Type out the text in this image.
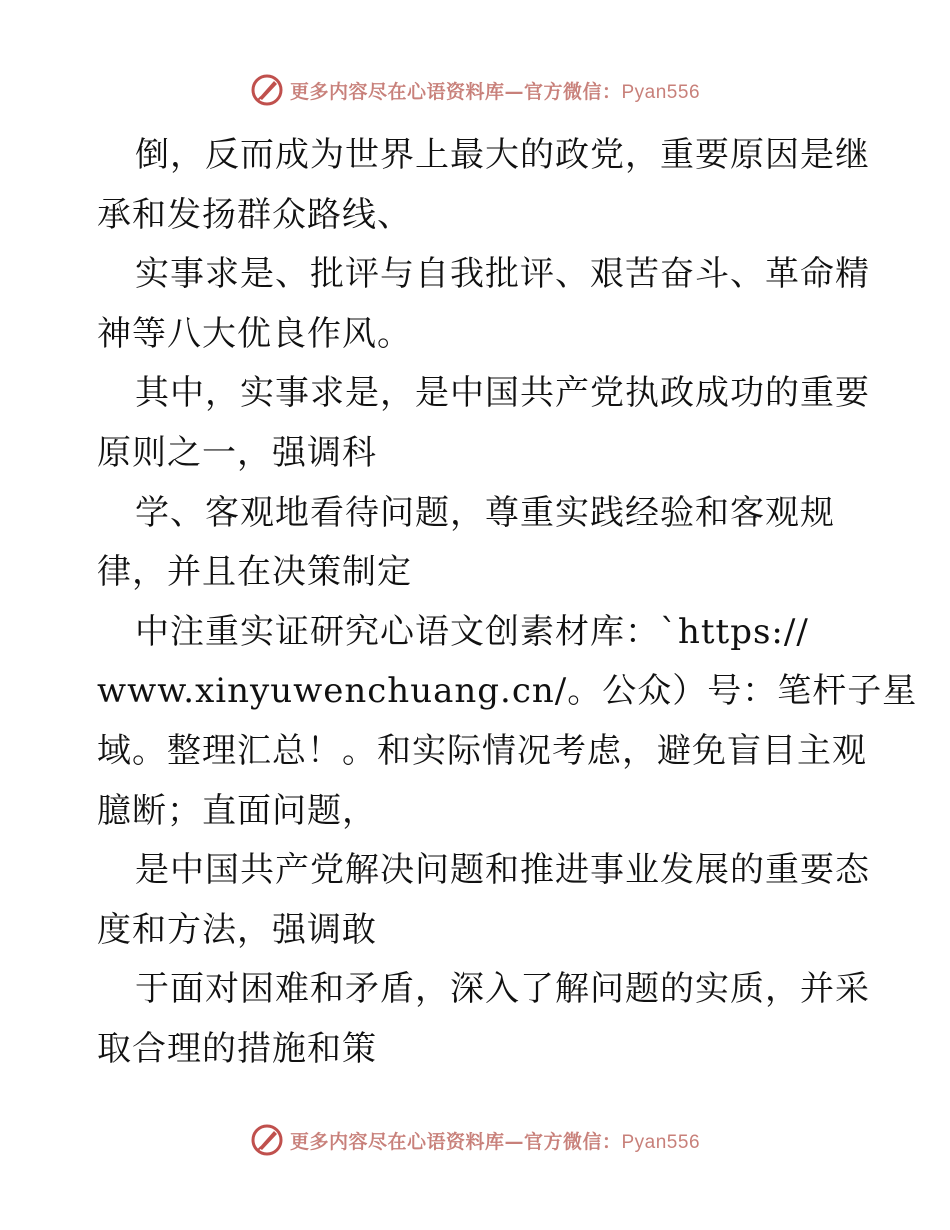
更多内容尽在心语资料库—官方微信：Pyan556
倒，反而成为世界上最大的政党，重要原因是继
承和发扬群众路线、
实事求是、批评与自我批评、艰苦奋斗、革命精
神等八大优良作风。
其中，实事求是，是中国共产党执政成功的重要
原则之一，强调科
学、客观地看待问题，尊重实践经验和客观规
律，并且在决策制定
中注重实证研究心语文创素材库：`https://
www.xinyuwenchuang.cn/。公众）号：笔杆子星
域。整理汇总！。和实际情况考虑，避免盲目主观
臆断；直面问题，
是中国共产党解决问题和推进事业发展的重要态
度和方法，强调敢
于面对困难和矛盾，深入了解问题的实质，并采
取合理的措施和策
更多内容尽在心语资料库—官方微信：Pyan556
